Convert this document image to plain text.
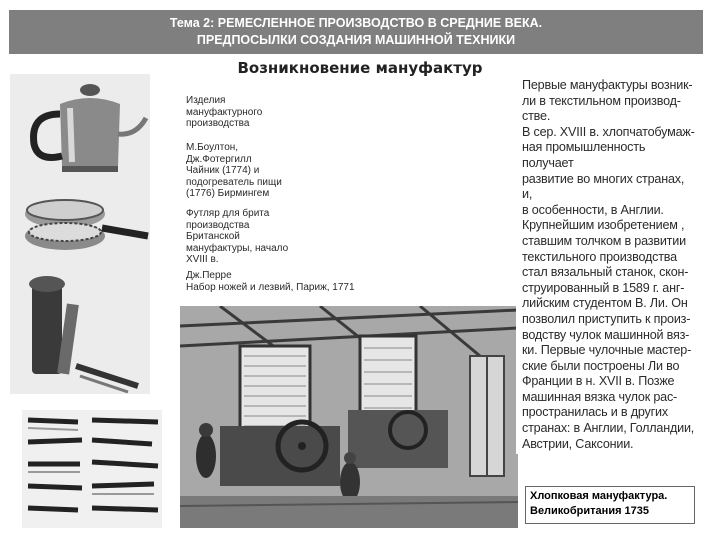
Тема 2: РЕМЕСЛЕННОЕ ПРОИЗВОДСТВО В СРЕДНИЕ ВЕКА.
ПРЕДПОСЫЛКИ СОЗДАНИЯ МАШИННОЙ ТЕХНИКИ
Возникновение мануфактур
Изделия
мануфактурного
производства
М.Боултон,
Дж.Фотергилл
Чайник (1774) и
подогреватель пищи
(1776) Бирмингем
Футляр для брита
производства
Британской
мануфактуры, начало
XVIII в.
Дж.Перре
Набор ножей и лезвий, Париж, 1771
Первые мануфактуры возник-
ли в текстильном производ-
стве.
В сер. XVIII в. хлопчатобумаж-
ная промышленность получает
развитие во многих странах, и,
в особенности, в Англии.
Крупнейшим изобретением ,
ставшим толчком в развитии
текстильного производства
стал вязальный станок, скон-
струированный в 1589 г. анг-
лийским студентом В. Ли. Он
позволил приступить к произ-
водству чулок машинной вяз-
ки. Первые чулочные мастер-
ские были построены Ли во
Франции в н. XVII в. Позже
машинная вязка чулок рас-
пространилась и в других
странах: в Англии, Голландии,
Австрии, Саксонии.
Хлопковая мануфактура.
Великобритания 1735
